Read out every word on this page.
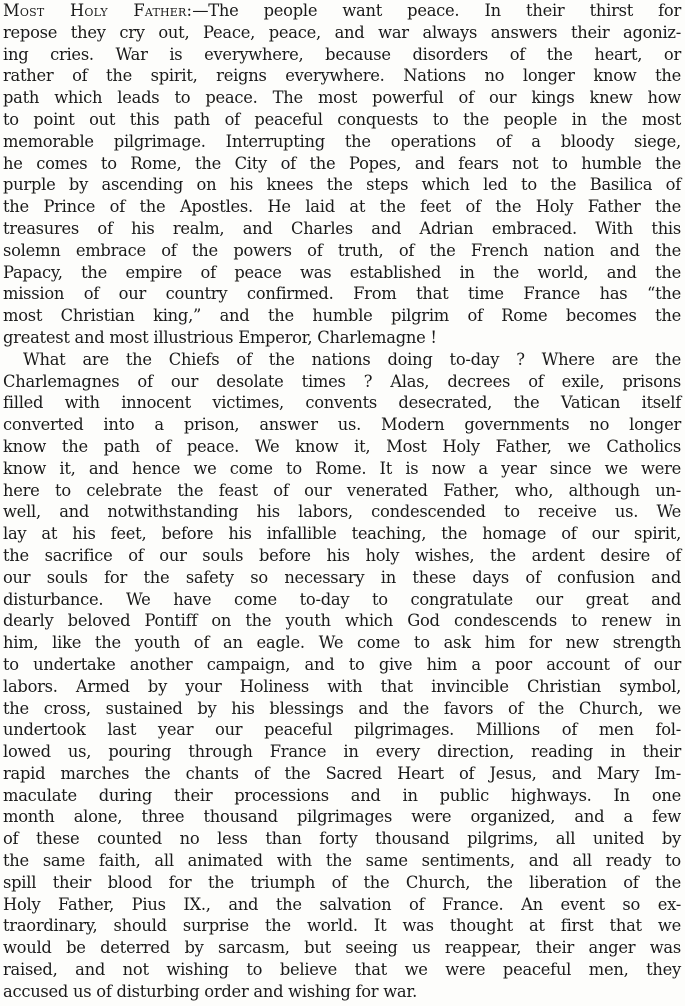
Most Holy Father:—The people want peace. In their thirst for
repose they cry out, Peace, peace, and war always answers their agoniz-
ing cries. War is everywhere, because disorders of the heart, or
rather of the spirit, reigns everywhere. Nations no longer know the
path which leads to peace. The most powerful of our kings knew how
to point out this path of peaceful conquests to the people in the most
memorable pilgrimage. Interrupting the operations of a bloody siege,
he comes to Rome, the City of the Popes, and fears not to humble the
purple by ascending on his knees the steps which led to the Basilica of
the Prince of the Apostles. He laid at the feet of the Holy Father the
treasures of his realm, and Charles and Adrian embraced. With this
solemn embrace of the powers of truth, of the French nation and the
Papacy, the empire of peace was established in the world, and the
mission of our country confirmed. From that time France has “the
most Christian king,” and the humble pilgrim of Rome becomes the
greatest and most illustrious Emperor, Charlemagne !
What are the Chiefs of the nations doing to-day ? Where are the
Charlemagnes of our desolate times ? Alas, decrees of exile, prisons
filled with innocent victimes, convents desecrated, the Vatican itself
converted into a prison, answer us. Modern governments no longer
know the path of peace. We know it, Most Holy Father, we Catholics
know it, and hence we come to Rome. It is now a year since we were
here to celebrate the feast of our venerated Father, who, although un-
well, and notwithstanding his labors, condescended to receive us. We
lay at his feet, before his infallible teaching, the homage of our spirit,
the sacrifice of our souls before his holy wishes, the ardent desire of
our souls for the safety so necessary in these days of confusion and
disturbance. We have come to-day to congratulate our great and
dearly beloved Pontiff on the youth which God condescends to renew in
him, like the youth of an eagle. We come to ask him for new strength
to undertake another campaign, and to give him a poor account of our
labors. Armed by your Holiness with that invincible Christian symbol,
the cross, sustained by his blessings and the favors of the Church, we
undertook last year our peaceful pilgrimages. Millions of men fol-
lowed us, pouring through France in every direction, reading in their
rapid marches the chants of the Sacred Heart of Jesus, and Mary Im-
maculate during their processions and in public highways. In one
month alone, three thousand pilgrimages were organized, and a few
of these counted no less than forty thousand pilgrims, all united by
the same faith, all animated with the same sentiments, and all ready to
spill their blood for the triumph of the Church, the liberation of the
Holy Father, Pius IX., and the salvation of France. An event so ex-
traordinary, should surprise the world. It was thought at first that we
would be deterred by sarcasm, but seeing us reappear, their anger was
raised, and not wishing to believe that we were peaceful men, they
accused us of disturbing order and wishing for war.
